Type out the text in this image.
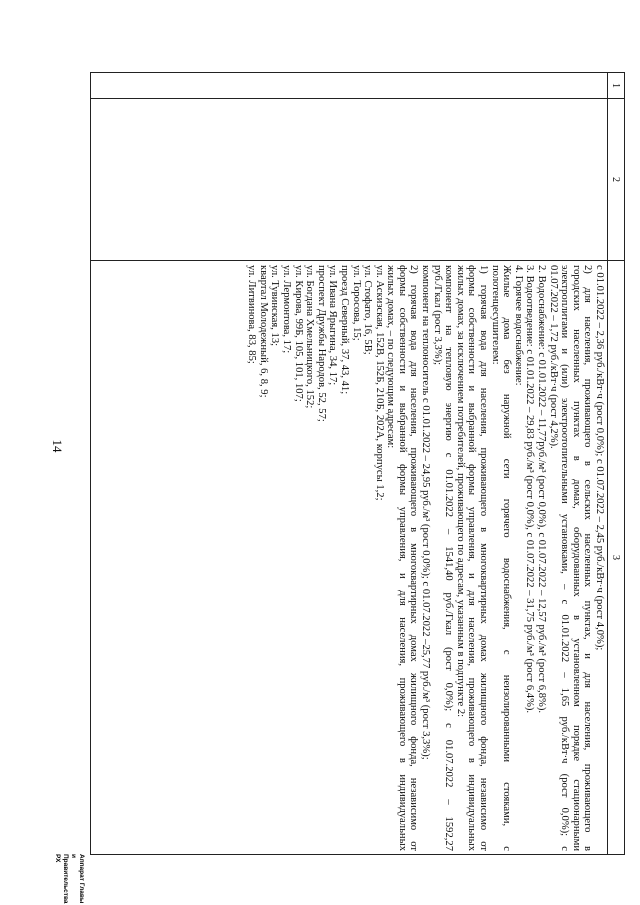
14
1
2
3
с 01.01.2022 – 2,36 руб./кВт·ч (рост 0,0%); с 01.07.2022 – 2,45 руб./кВт·ч (рост 4,0%);
2) для населения, проживающего в сельских населенных пунктах, и для населения, проживающего в
городских населенных пунктах в домах, оборудованных в установленном порядке стационарными
электроплитами и (или) электроотопительными установками, – с 01.01.2022 – 1,65 руб./кВт·ч (рост 0,0%); с
01.07.2022 – 1,72 руб./кВт·ч (рост 4,2%).
2. Водоснабжение: с 01.01.2022 – 11,77руб./м³ (рост 0,0%), с 01.07.2022 – 12,57 руб./м³ (рост 6,8%).
3. Водоотведение: с 01.01.2022 – 29,83 руб./м³ (рост 0,0%), с 01.07.2022 – 31,75 руб./м³ (рост 6,4%).
4. Горячее водоснабжение:
Жилые дома без наружной сети горячего водоснабжения, с неизолированными стояками, с
полотенцесушителем:
1) горячая вода для населения, проживающего в многоквартирных домах жилищного фонда, независимо от
формы собственности и выбранной формы управления, и для населения, проживающего в индивидуальных
жилых домах, за исключением потребителей, проживающего по адресам, указанным в подпункте 2:
компонент на тепловую энергию с 01.01.2022 – 1541,40 руб./Гкал (рост 0,0%); с 01.07.2022 – 1592,27
руб./Гкал (рост 3,3%);
компонент на теплоноситель с 01.01.2022 – 24,95 руб./м³ (рост 0,0%); с 01.07.2022 –25,77 руб./м³ (рост 3,3%);
2) горячая вода для населения, проживающего в многоквартирных домах жилищного фонда, независимо от
формы собственности и выбранной формы управления, и для населения, проживающего в индивидуальных
жилых домах, – по следующим адресам:
ул. Аскизская, 152В, 152Б, 210Б, 202А, корпусы 1,2;
ул. Стофато, 16, 5В;
ул. Торосова, 15;
проезд Северный, 37, 43, 41;
ул. Ивана Ярыгина, 34, 17;
проспект Дружбы Народов, 52, 57;
ул. Богдана Хмельницкого, 152;
ул. Кирова, 99Б, 105, 101, 107;
ул. Лермонтова, 17;
ул. Тувинская, 13;
квартал Молодежный, 6, 8, 9;
ул. Литвинова, 83, 85;
Аппарат Главы
и Правительства РХ
